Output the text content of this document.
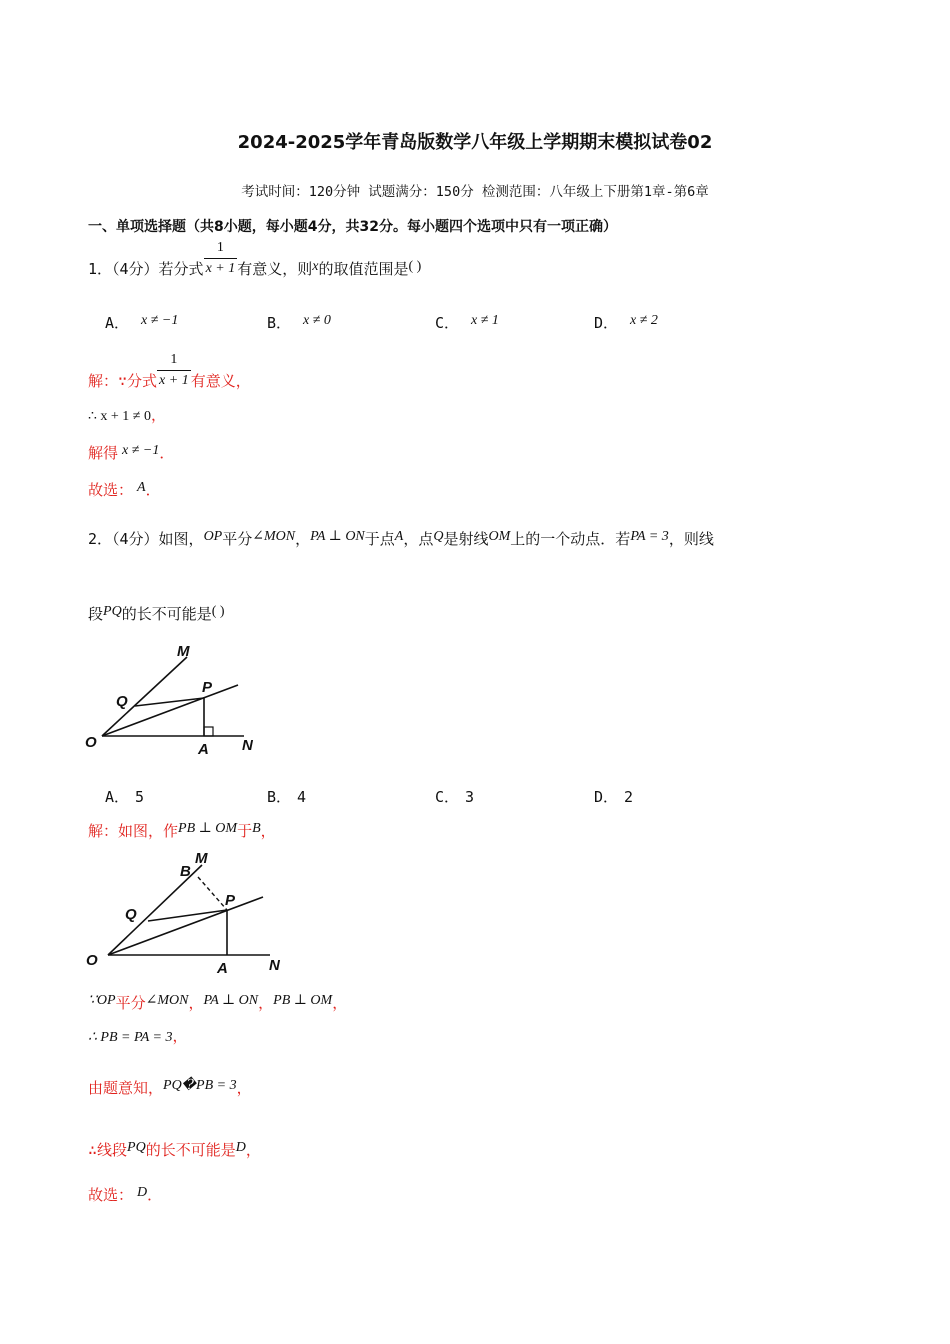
2024-2025学年青岛版数学八年级上学期期末模拟试卷02
考试时间：120分钟 试题满分：150分 检测范围：八年级上下册第1章-第6章
一、单项选择题（共8小题，每小题4分，共32分。每小题四个选项中只有一项正确）
1．（4分）若分式 $\frac{1}{x + 1}$ 有意义，则x的取值范围是( )
A． x ≠ −1	B． x ≠ 0	C． x ≠ 1	D． x ≠ 2
解：∵分式 $\frac{1}{x + 1}$ 有意义，
∴ x + 1 ≠ 0，
解得 x ≠ −1．
故选： A．
2．（4分）如图，OP平分∠MON，PA ⊥ ON于点A，点Q是射线OM上的一个动点．若PA = 3，则线
段PQ的长不可能是( )
M
P
Q
O	A N
A． 5	B． 4	C． 3	D． 2
解：如图，作PB ⊥ OM于B，
M
B
P
Q
O	A	N
∵OP平分∠MON，PA ⊥ ON，PB ⊥ OM，
∴ PB = PA = 3，
由题意知，PQ�PB = 3，
∴线段PQ的长不可能是D，
故选： D．
